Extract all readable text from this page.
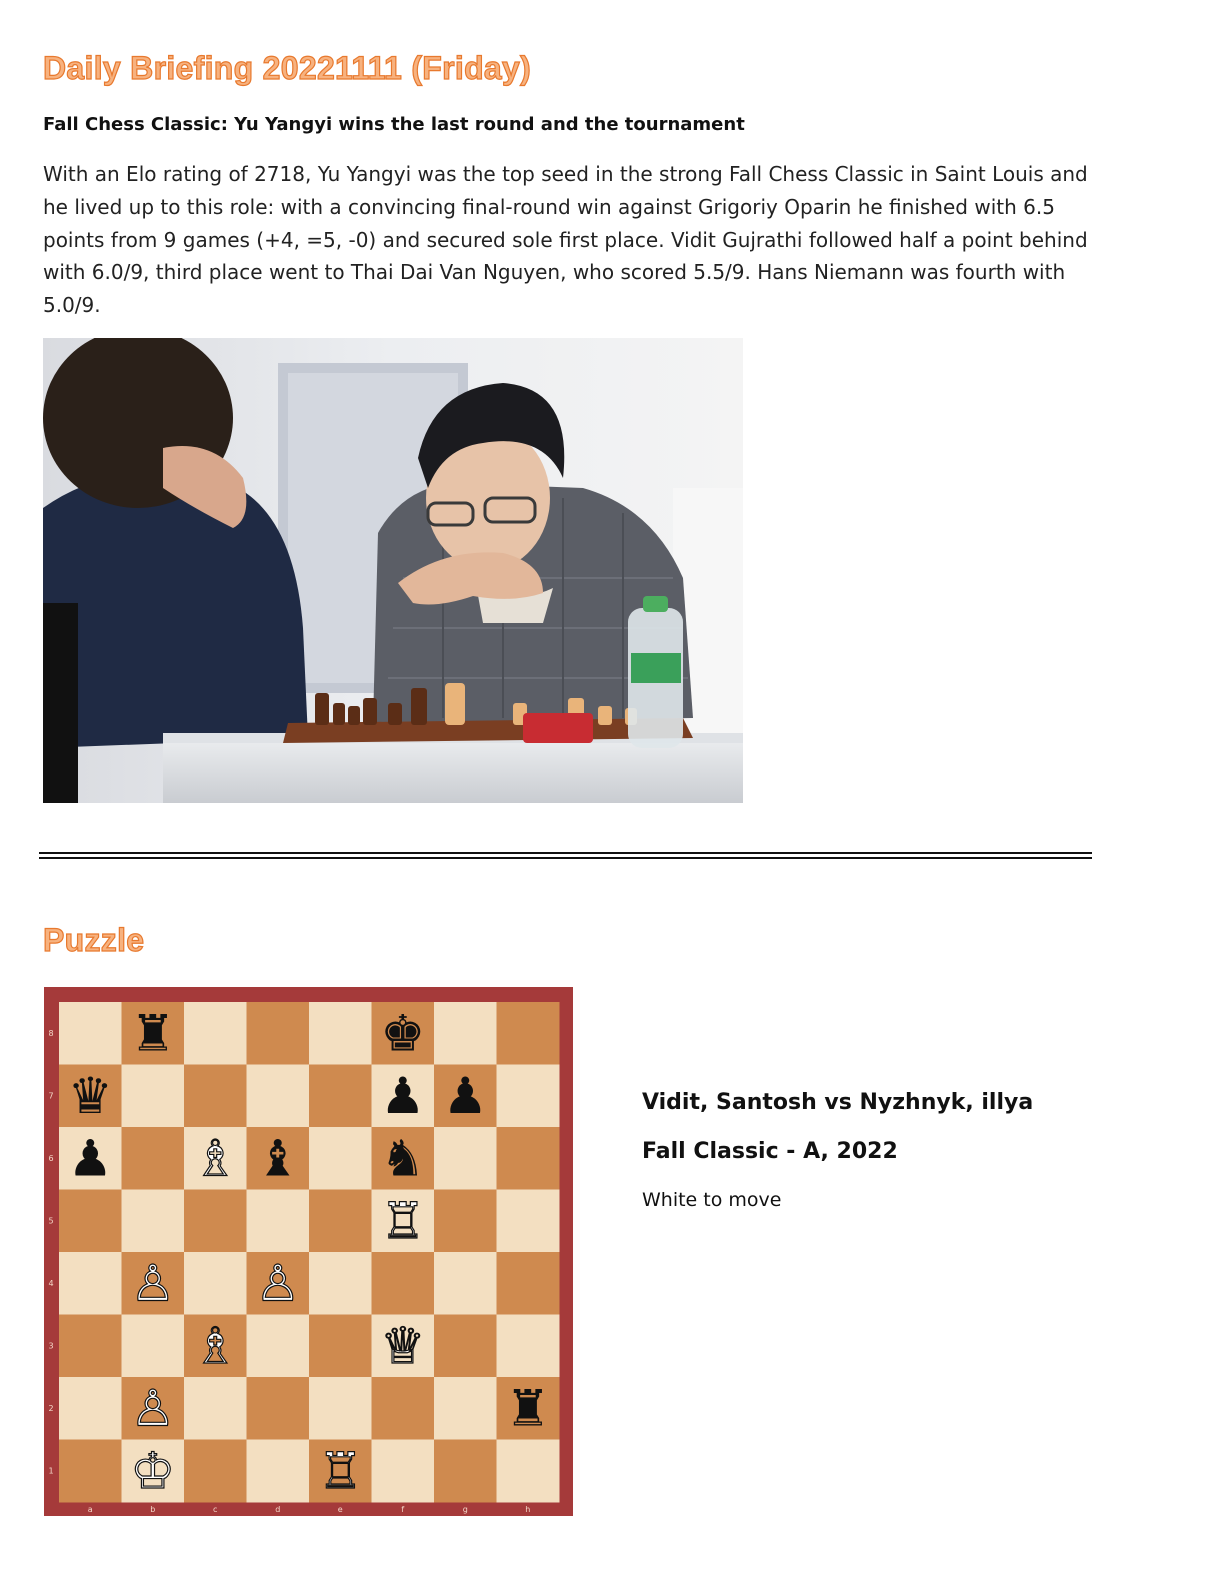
Daily Briefing 20221111 (Friday)

Fall Chess Classic: Yu Yangyi wins the last round and the tournament

With an Elo rating of 2718, Yu Yangyi was the top seed in the strong Fall Chess Classic in Saint Louis and he lived up to this role: with a convincing final-round win against Grigoriy Oparin he finished with 6.5 points from 9 games (+4, =5, -0) and secured sole first place. Vidit Gujrathi followed half a point behind with 6.0/9, third place went to Thai Dai Van Nguyen, who scored 5.5/9. Hans Niemann was fourth with 5.0/9.

Puzzle
8
7
6
5
4
3
2
1
a	b	c	d	e	f	g	h
♜	♚
♛	♟ ♟
♟ ♗ ♝ ♞
♖
♙ ♙
♗	♕
♙	♜
♔	♖

Vidit, Santosh vs Nyzhnyk, illya

Fall Classic - A, 2022

White to move
